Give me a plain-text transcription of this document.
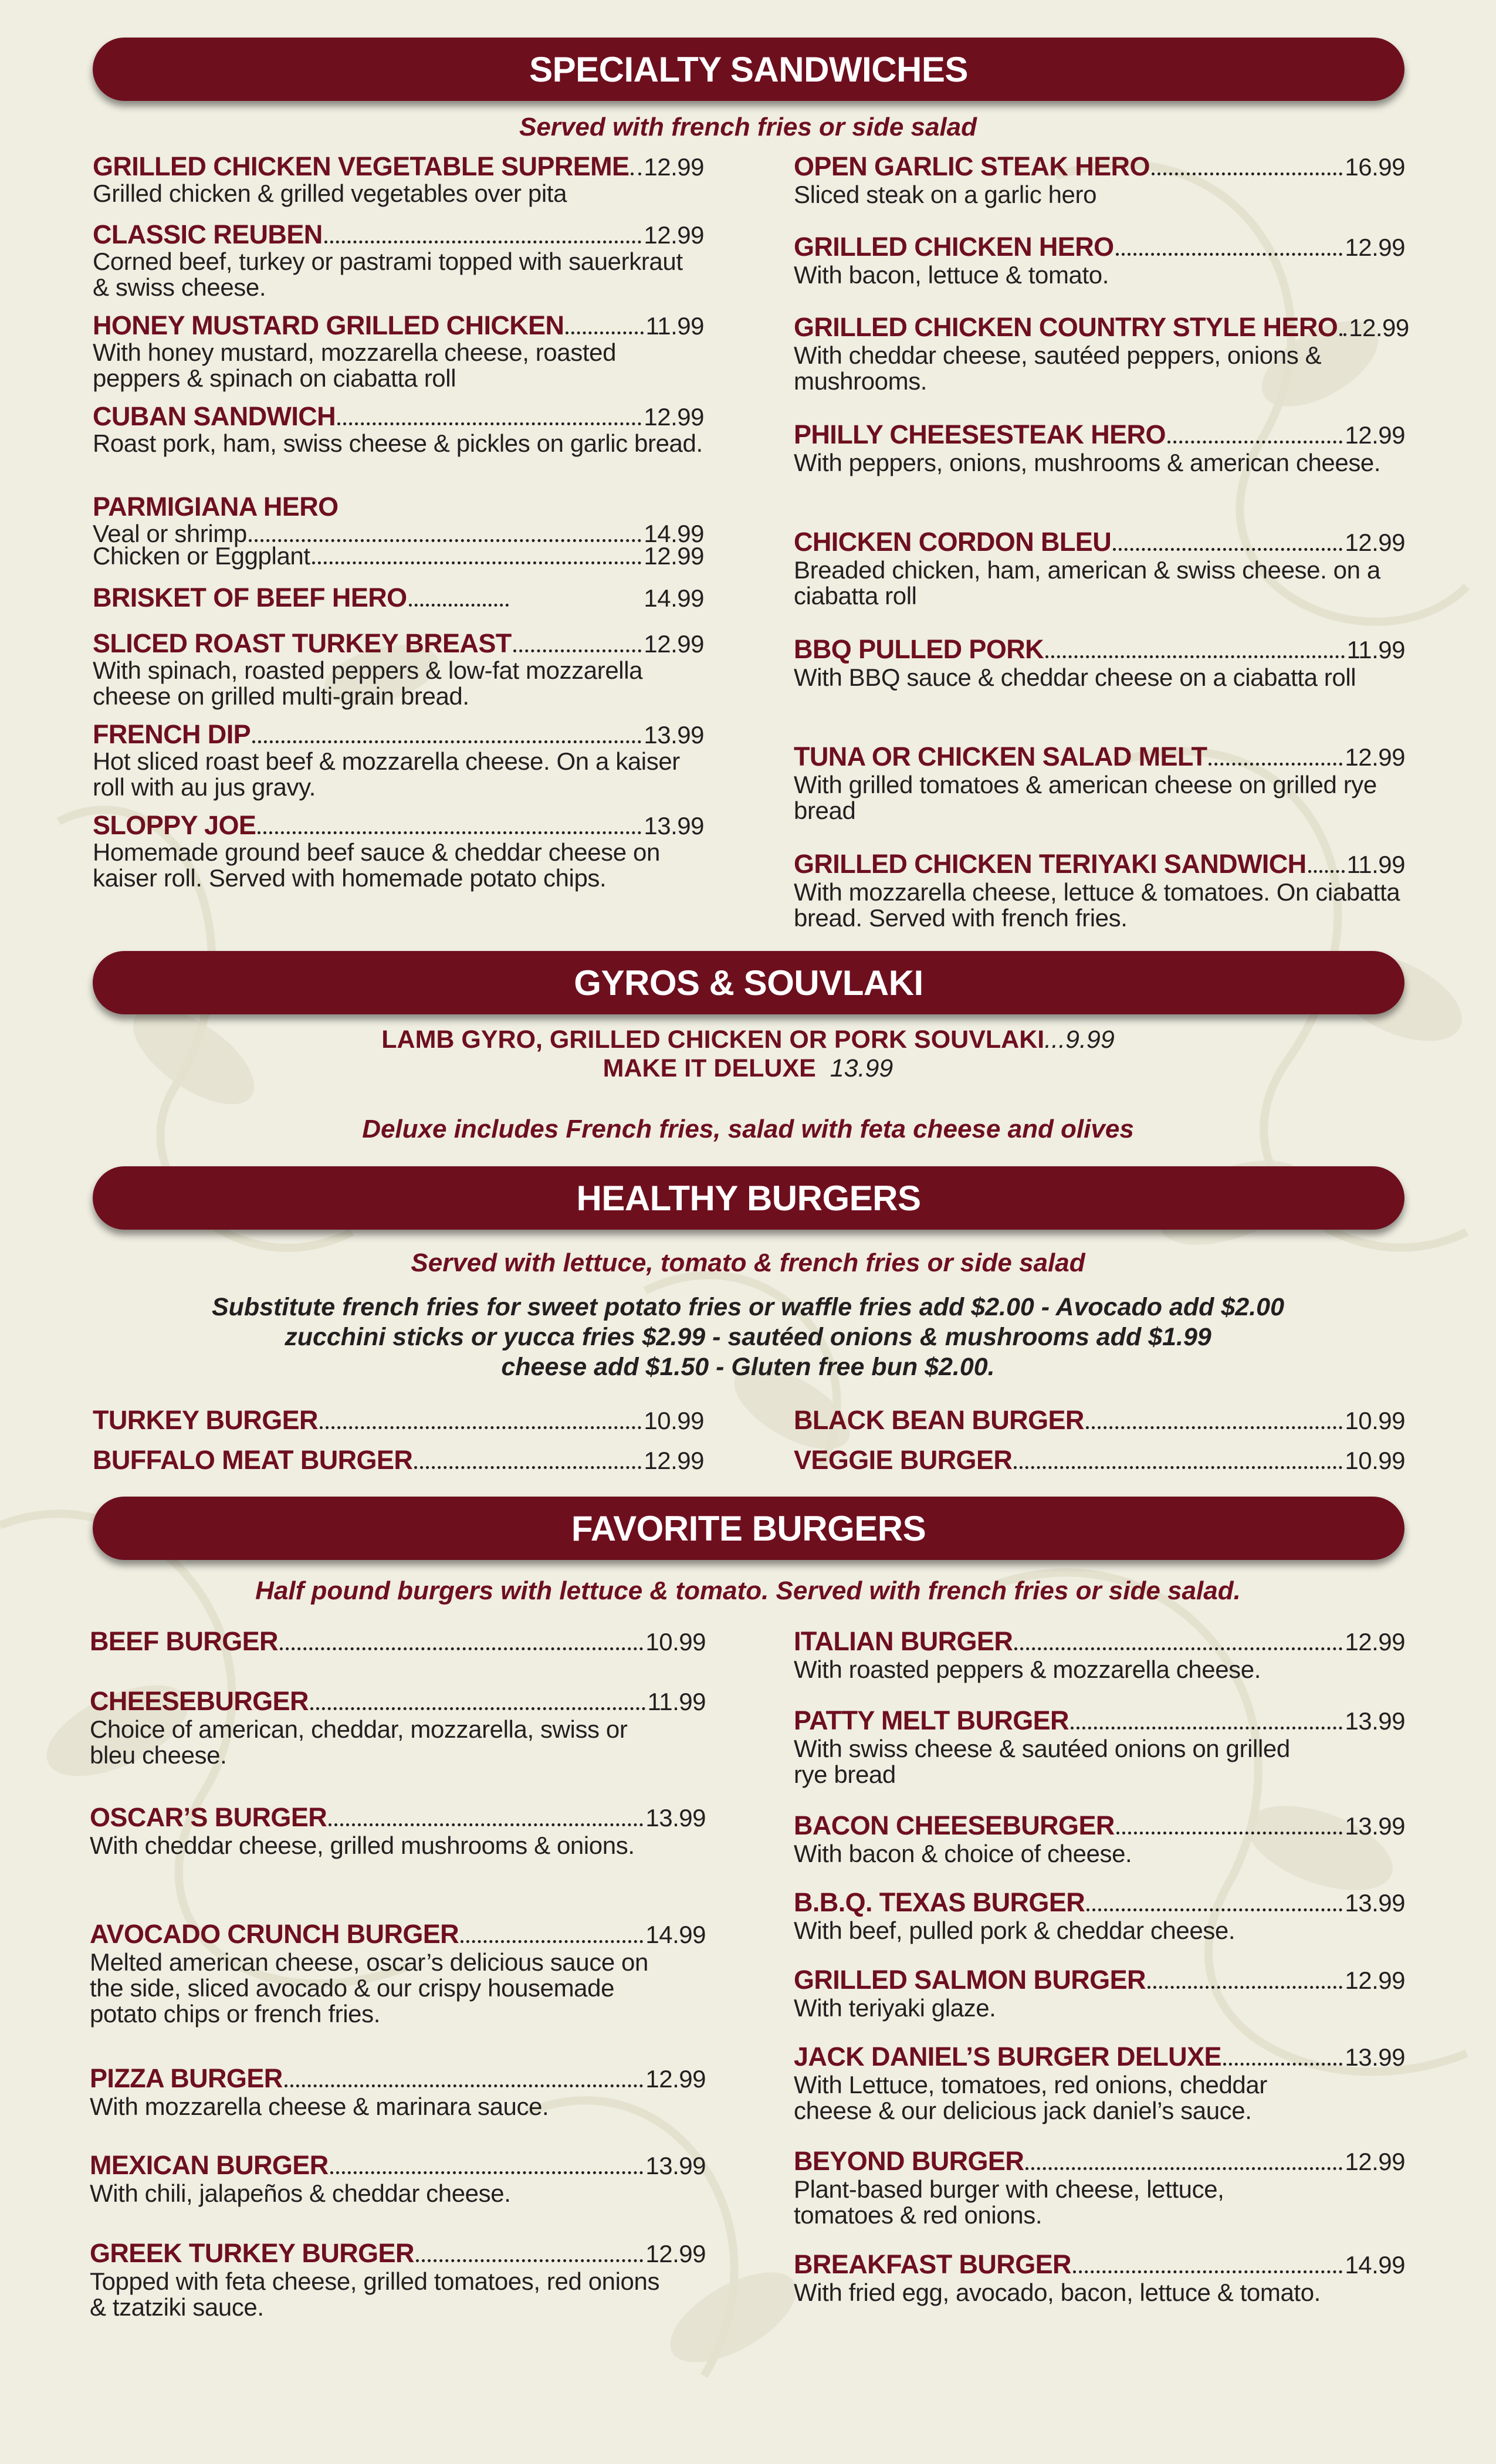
SPECIALTY SANDWICHES
Served with french fries or side salad
GRILLED CHICKEN VEGETABLE SUPREME 12.99
Grilled chicken & grilled vegetables over pita
CLASSIC REUBEN	12.99
Corned beef, turkey or pastrami topped with sauerkraut & swiss cheese.
HONEY MUSTARD GRILLED CHICKEN	11.99
With honey mustard, mozzarella cheese, roasted peppers & spinach on ciabatta roll
CUBAN SANDWICH	12.99
Roast pork, ham, swiss cheese & pickles on garlic bread.
PARMIGIANA HERO
Veal or shrimp	14.99
Chicken or Eggplant	12.99
BRISKET OF BEEF HERO	14.99
SLICED ROAST TURKEY BREAST	12.99
With spinach, roasted peppers & low-fat mozzarella cheese on grilled multi-grain bread.
FRENCH DIP	13.99
Hot sliced roast beef & mozzarella cheese. On a kaiser roll with au jus gravy.
SLOPPY JOE	13.99
Homemade ground beef sauce & cheddar cheese on kaiser roll. Served with homemade potato chips.
OPEN GARLIC STEAK HERO	16.99
Sliced steak on a garlic hero
GRILLED CHICKEN HERO	12.99
With bacon, lettuce & tomato.
GRILLED CHICKEN COUNTRY STYLE HERO 12.99
With cheddar cheese, sautéed peppers, onions & mushrooms.
PHILLY CHEESESTEAK HERO	12.99
With peppers, onions, mushrooms & american cheese.
CHICKEN CORDON BLEU	12.99
Breaded chicken, ham, american & swiss cheese. on a ciabatta roll
BBQ PULLED PORK	11.99
With BBQ sauce & cheddar cheese on a ciabatta roll
TUNA OR CHICKEN SALAD MELT	12.99
With grilled tomatoes & american cheese on grilled rye bread
GRILLED CHICKEN TERIYAKI SANDWICH 11.99
With mozzarella cheese, lettuce & tomatoes. On ciabatta bread. Served with french fries.
GYROS & SOUVLAKI
LAMB GYRO, GRILLED CHICKEN OR PORK SOUVLAKI...9.99
MAKE IT DELUXE 13.99
Deluxe includes French fries, salad with feta cheese and olives
HEALTHY BURGERS
Served with lettuce, tomato & french fries or side salad
Substitute french fries for sweet potato fries or waffle fries add $2.00 - Avocado add $2.00
zucchini sticks or yucca fries $2.99 - sautéed onions & mushrooms add $1.99
cheese add $1.50 - Gluten free bun $2.00.
TURKEY BURGER	10.99
BUFFALO MEAT BURGER	12.99
BLACK BEAN BURGER	10.99
VEGGIE BURGER	10.99
FAVORITE BURGERS
Half pound burgers with lettuce & tomato. Served with french fries or side salad.
BEEF BURGER	10.99
CHEESEBURGER	11.99
Choice of american, cheddar, mozzarella, swiss or bleu cheese.
OSCAR’S BURGER	13.99
With cheddar cheese, grilled mushrooms & onions.
AVOCADO CRUNCH BURGER	14.99
Melted american cheese, oscar’s delicious sauce on the side, sliced avocado & our crispy housemade potato chips or french fries.
PIZZA BURGER	12.99
With mozzarella cheese & marinara sauce.
MEXICAN BURGER	13.99
With chili, jalapeños & cheddar cheese.
GREEK TURKEY BURGER	12.99
Topped with feta cheese, grilled tomatoes, red onions & tzatziki sauce.
ITALIAN BURGER	12.99
With roasted peppers & mozzarella cheese.
PATTY MELT BURGER	13.99
With swiss cheese & sautéed onions on grilled rye bread
BACON CHEESEBURGER	13.99
With bacon & choice of cheese.
B.B.Q. TEXAS BURGER	13.99
With beef, pulled pork & cheddar cheese.
GRILLED SALMON BURGER	12.99
With teriyaki glaze.
JACK DANIEL’S BURGER DELUXE	13.99
With Lettuce, tomatoes, red onions, cheddar cheese & our delicious jack daniel’s sauce.
BEYOND BURGER	12.99
Plant-based burger with cheese, lettuce, tomatoes & red onions.
BREAKFAST BURGER	14.99
With fried egg, avocado, bacon, lettuce & tomato.
